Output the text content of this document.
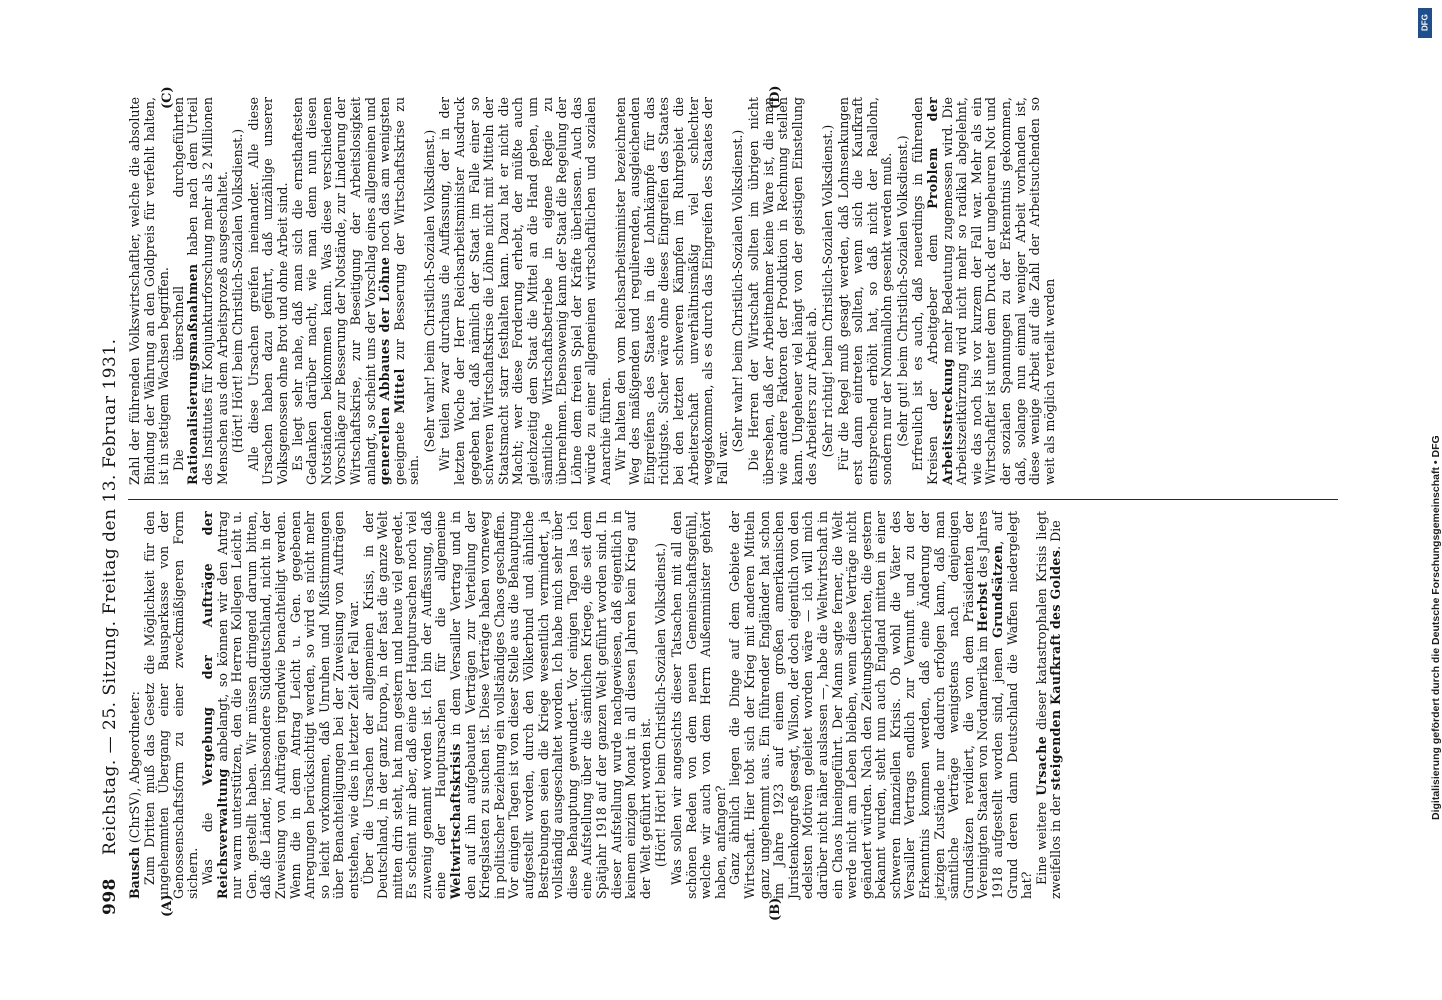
998
Reichstag. — 25. Sitzung. Freitag den 13. Februar 1931.
(A)	(B)
(C)	(D)

Bausch (ChrSV), Abgeordneter: Zum Dritten muß das Gesetz die Möglichkeit für den ungehemmten Übergang einer Bausparkasse von der Genossenschaftsform zu einer zweckmäßigeren Form sichern. Was die Vergebung der Aufträge der Reichsverwaltung anbelangt, so können wir den Antrag nur warm unterstützen, den die Herren Kollegen Leicht u. Gen. gestellt haben. Wir müssen dringend darum bitten, daß die Länder, insbesondere Süddeutschland, nicht in der Zuweisung von Aufträgen irgendwie benachteiligt werden. Wenn die in dem Antrag Leicht u. Gen. gegebenen Anregungen berücksichtigt werden, so wird es nicht mehr so leicht vorkommen, daß Unruhen und Mißstimmungen über Benachteiligungen bei der Zuweisung von Aufträgen entstehen, wie dies in letzter Zeit der Fall war. Über die Ursachen der allgemeinen Krisis, in der Deutschland, in der ganz Europa, in der fast die ganze Welt mitten drin steht, hat man gestern und heute viel geredet. Es scheint mir aber, daß eine der Hauptursachen noch viel zuwenig genannt worden ist. Ich bin der Auffassung, daß eine der Hauptursachen für die allgemeine Weltwirtschaftskrisis in dem Versailler Vertrag und in den auf ihn aufgebauten Verträgen zur Verteilung der Kriegslasten zu suchen ist. Diese Verträge haben vorneweg in politischer Beziehung ein vollständiges Chaos geschaffen. Vor einigen Tagen ist von dieser Stelle aus die Behauptung aufgestellt worden, durch den Völkerbund und ähnliche Bestrebungen seien die Kriege wesentlich vermindert, ja vollständig ausgeschaltet worden. Ich habe mich sehr über diese Behauptung gewundert. Vor einigen Tagen las ich eine Aufstellung über die sämtlichen Kriege, die seit dem Spätjahr 1918 auf der ganzen Welt geführt worden sind. In dieser Aufstellung wurde nachgewiesen, daß eigentlich in keinem einzigen Monat in all diesen Jahren kein Krieg auf der Welt geführt worden ist. (Hört! Hört! beim Christlich-Sozialen Volksdienst.) Was sollen wir angesichts dieser Tatsachen mit all den schönen Reden von dem neuen Gemeinschaftsgefühl, welche wir auch von dem Herrn Außenminister gehört haben, anfangen? Ganz ähnlich liegen die Dinge auf dem Gebiete der Wirtschaft. Hier tobt sich der Krieg mit anderen Mitteln ganz ungehemmt aus. Ein führender Engländer hat schon im Jahre 1923 auf einem großen amerikanischen Juristenkongreß gesagt, Wilson, der doch eigentlich von den edelsten Motiven geleitet worden wäre — ich will mich darüber nicht näher auslassen —, habe die Weltwirtschaft in ein Chaos hineingeführt. Der Mann sagte ferner, die Welt werde nicht am Leben bleiben, wenn diese Verträge nicht geändert würden. Nach den Zeitungsberichten, die gestern bekannt wurden, steht nun auch England mitten in einer schweren finanziellen Krisis. Ob wohl die Väter des Versailler Vertrags endlich zur Vernunft und zu der Erkenntnis kommen werden, daß eine Änderung der jetzigen Zustände nur dadurch erfolgen kann, daß man sämtliche Verträge wenigstens nach denjenigen Grundsätzen revidiert, die von dem Präsidenten der Vereinigten Staaten von Nordamerika im Herbst des Jahres 1918 aufgestellt worden sind, jenen Grundsätzen, auf Grund deren dann Deutschland die Waffen niedergelegt hat?

Eine weitere Ursache dieser katastrophalen Krisis liegt zweifellos in der steigenden Kaufkraft des Goldes. Die

Zahl der führenden Volkswirtschaftler, welche die absolute Bindung der Währung an den Goldpreis für verfehlt halten, ist in stetigem Wachsen begriffen. Die überschnell durchgeführten Rationalisierungsmaßnahmen haben nach dem Urteil des Institutes für Konjunkturforschung mehr als 2 Millionen Menschen aus dem Arbeitsprozeß ausgeschaltet. (Hört! Hört! beim Christlich-Sozialen Volksdienst.) Alle diese Ursachen greifen ineinander. Alle diese Ursachen haben dazu geführt, daß unzählige unserer Volksgenossen ohne Brot und ohne Arbeit sind. Es liegt sehr nahe, daß man sich die ernsthaftesten Gedanken darüber macht, wie man denn nun diesen Notständen beikommen kann. Was diese verschiedenen Vorschläge zur Besserung der Notstände, zur Linderung der Wirtschaftskrise, zur Beseitigung der Arbeitslosigkeit anlangt, so scheint uns der Vorschlag eines allgemeinen und generellen Abbaues der Löhne noch das am wenigsten geeignete Mittel zur Besserung der Wirtschaftskrise zu sein.

(Sehr wahr! beim Christlich-Sozialen Volksdienst.) Wir teilen zwar durchaus die Auffassung, der in der letzten Woche der Herr Reichsarbeitsminister Ausdruck gegeben hat, daß nämlich der Staat im Falle einer so schweren Wirtschaftskrise die Löhne nicht mit Mitteln der Staatsmacht starr festhalten kann. Dazu hat er nicht die Macht; wer diese Forderung erhebt, der müßte auch gleichzeitig dem Staat die Mittel an die Hand geben, um sämtliche Wirtschaftsbetriebe in eigene Regie zu übernehmen. Ebensowenig kann der Staat die Regelung der Löhne dem freien Spiel der Kräfte überlassen. Auch das würde zu einer allgemeinen wirtschaftlichen und sozialen Anarchie führen. Wir halten den vom Reichsarbeitsminister bezeichneten Weg des mäßigenden und regulierenden, ausgleichenden Eingreifens des Staates in die Lohnkämpfe für das richtigste. Sicher wäre ohne dieses Eingreifen des Staates bei den letzten schweren Kämpfen im Ruhrgebiet die Arbeiterschaft unverhältnismäßig viel schlechter weggekommen, als es durch das Eingreifen des Staates der Fall war.

(Sehr wahr! beim Christlich-Sozialen Volksdienst.) Die Herren der Wirtschaft sollten im übrigen nicht übersehen, daß der Arbeitnehmer keine Ware ist, die man wie andere Faktoren der Produktion in Rechnung stellen kann. Ungeheuer viel hängt von der geistigen Einstellung des Arbeiters zur Arbeit ab. (Sehr richtig! beim Christlich-Sozialen Volksdienst.) Für die Regel muß gesagt werden, daß Lohnsenkungen erst dann eintreten sollten, wenn sich die Kaufkraft entsprechend erhöht hat, so daß nicht der Reallohn, sondern nur der Nominallohn gesenkt werden muß. (Sehr gut! beim Christlich-Sozialen Volksdienst.) Erfreulich ist es auch, daß neuerdings in führenden Kreisen der Arbeitgeber dem Problem der Arbeitsstreckung mehr Bedeutung zugemessen wird. Die Arbeitszeitkürzung wird nicht mehr so radikal abgelehnt, wie das noch bis vor kurzem der Fall war. Mehr als ein Wirtschaftler ist unter dem Druck der ungeheuren Not und der sozialen Spannungen zu der Erkenntnis gekommen, daß, solange nun einmal weniger Arbeit vorhanden ist, diese wenige Arbeit auf die Zahl der Arbeitsuchenden so weit als möglich verteilt werden

DFG
Digitalisierung gefördert durch die Deutsche Forschungsgemeinschaft • DFG
